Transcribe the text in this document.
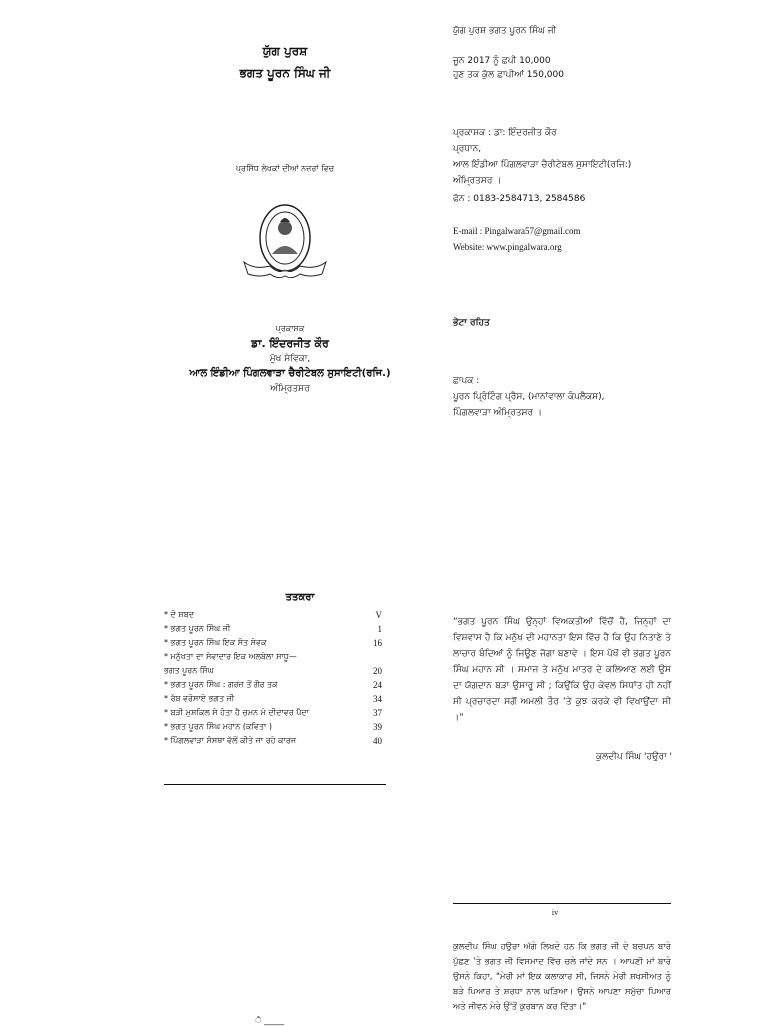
ਯੁੱਗ ਪੁਰਸ਼
ਭਗਤ ਪੂਰਨ ਸਿੰਘ ਜੀ
ਪ੍ਰਸਿੱਧ ਲੇਖਕਾਂ ਦੀਆਂ ਨਜ਼ਰਾਂ ਵਿਚ
— — —
ਪ੍ਰਕਾਸ਼ਕ
ਡਾ. ਇੰਦਰਜੀਤ ਕੌਰ
ਮੁੱਖ ਸੇਵਿਕਾ,
ਆਲ ਇੰਡੀਆ ਪਿੰਗਲਵਾੜਾ ਚੈਰੀਟੇਬਲ ਸੁਸਾਇਟੀ(ਰਜਿ.)
ਅੰਮ੍ਰਿਤਸਰ
ਯੁੱਗ ਪੁਰਸ਼ ਭਗਤ ਪੂਰਨ ਸਿੰਘ ਜੀ
ਜੂਨ 2017 ਨੂੰ ਛਪੀ 10,000
ਹੁਣ ਤਕ ਕੁੱਲ ਛਾਪੀਆਂ 150,000
ਪ੍ਰਕਾਸ਼ਕ : ਡਾ: ਇੰਦਰਜੀਤ ਕੌਰ
ਪ੍ਰਧਾਨ,
ਆਲ ਇੰਡੀਆ ਪਿੰਗਲਵਾੜਾ ਚੈਰੀਟੇਬਲ ਸੁਸਾਇਟੀ(ਰਜਿ:)
ਅੰਮ੍ਰਿਤਸਰ ।
ਫੋਨ : 0183-2584713, 2584586
E-mail : Pingalwara57@gmail.com
Website: www.pingalwara.org
ਭੇਟਾ ਰਹਿਤ
ਛਾਪਕ :
ਪੂਰਨ ਪ੍ਰਿੰਟਿੰਗ ਪ੍ਰੈਸ, (ਮਾਨਾਂਵਾਲਾ ਕੰਪਲੈਕਸ),
ਪਿੰਗਲਵਾੜਾ ਅੰਮ੍ਰਿਤਸਰ ।
ਤਤਕਰਾ
* ਦੋ ਸ਼ਬਦ	V
* ਭਗਤ ਪੂਰਨ ਸਿੰਘ ਜੀ	1
* ਭਗਤ ਪੂਰਨ ਸਿੰਘ ਇਕ ਸੰਤ ਸੇਵਕ	16
* ਮਨੁੱਖਤਾ ਦਾ ਸੇਵਾਦਾਰ ਇਕ ਅਲਬੇਲਾ ਸਾਧੂ—
ਭਗਤ ਪੂਰਨ ਸਿੰਘ	20
* ਭਗਤ ਪੂਰਨ ਸਿੰਘ : ਗਰਜ਼ ਤੋਂ ਗੌਰ ਤਕ	24
* ਰੱਬ ਵਰੋਸਾਏ ਭਗਤ ਜੀ	34
* ਬੜੀ ਮੁਸ਼ਕਿਲ ਸੇ ਹੋਤਾ ਹੈ ਚਮਨ ਮੇ ਦੀਦਾਵਰ ਪੈਦਾ	37
* ਭਗਤ ਪੂਰਨ ਸਿੰਘ ਮਹਾਨ (ਕਵਿਤਾ )	39
* ਪਿੰਗਲਵਾੜਾ ਸੰਸਥਾ ਵੱਲੋਂ ਕੀਤੇ ਜਾ ਰਹੇ ਕਾਰਜ	40
“ਭਗਤ ਪੂਰਨ ਸਿੰਘ ਉਨ੍ਹਾਂ ਵਿਅਕਤੀਆਂ ਵਿੱਚੋਂ ਹੈ, ਜਿਨ੍ਹਾਂ ਦਾ ਵਿਸ਼ਵਾਸ ਹੈ ਕਿ ਮਨੁੱਖ ਦੀ ਮਹਾਨਤਾ ਇਸ ਵਿੱਚ ਹੈ ਕਿ ਉਹ ਨਿਤਾਣੇ ਤੇ ਲਾਚਾਰ ਬੰਦਿਆਂ ਨੂੰ ਜਿਊਣ ਜੋਗਾ ਬਣਾਵੇ । ਇਸ ਪੱਖੋਂ ਵੀ ਭਗਤ ਪੂਰਨ ਸਿੰਘ ਮਹਾਨ ਸੀ । ਸਮਾਜ ਤੇ ਮਨੁੱਖ ਮਾਤਰ ਦੇ ਕਲਿਆਣ ਲਈ ਉਸ ਦਾ ਯੋਗਦਾਨ ਬੜਾ ਉਸਾਰੂ ਸੀ ; ਕਿਉਂਕਿ ਉਹ ਕੇਵਲ ਸਿਧਾਂਤ ਹੀ ਨਹੀਂ ਸੀ ਪ੍ਰਚਾਰਦਾ ਸਗੋਂ ਅਮਲੀ ਤੌਰ ’ਤੇ ਕੁਝ ਕਰਕੇ ਵੀ ਵਿਖਾਉਂਦਾ ਸੀ ।”
ਕੁਲਦੀਪ ਸਿੰਘ 'ਹਉਰਾ '
iv
ਕੁਲਦੀਪ ਸਿੰਘ ਹਉਰਾ ਅੱਗੇ ਲਿਖਦੇ ਹਨ ਕਿ ਭਗਤ ਜੀ ਦੇ ਬਚਪਨ ਬਾਰੇ ਪੁੱਛਣ ’ਤੇ ਭਗਤ ਜੀ ਵਿਸਮਾਦ ਵਿੱਚ ਚਲੇ ਜਾਂਦੇ ਸਨ । ਆਪਣੀ ਮਾਂ ਬਾਰੇ ਉਸਨੇ ਕਿਹਾ, "ਮੇਰੀ ਮਾਂ ਇਕ ਕਲਾਕਾਰ ਸੀ, ਜਿਸਨੇ ਮੇਰੀ ਸ਼ਖਸੀਅਤ ਨੂੰ ਬੜੇ ਪਿਆਰ ਤੇ ਸ਼ਰਧਾ ਨਾਲ ਘੜਿਆ। ਉਸਨੇ ਆਪਣਾ ਸਮੁੱਚਾ ਪਿਆਰ ਅਤੇ ਜੀਵਨ ਮੇਰੇ ਉੱਤੋਂ ਕੁਰਬਾਨ ਕਰ ਦਿੱਤਾ।"
ੈ _____
